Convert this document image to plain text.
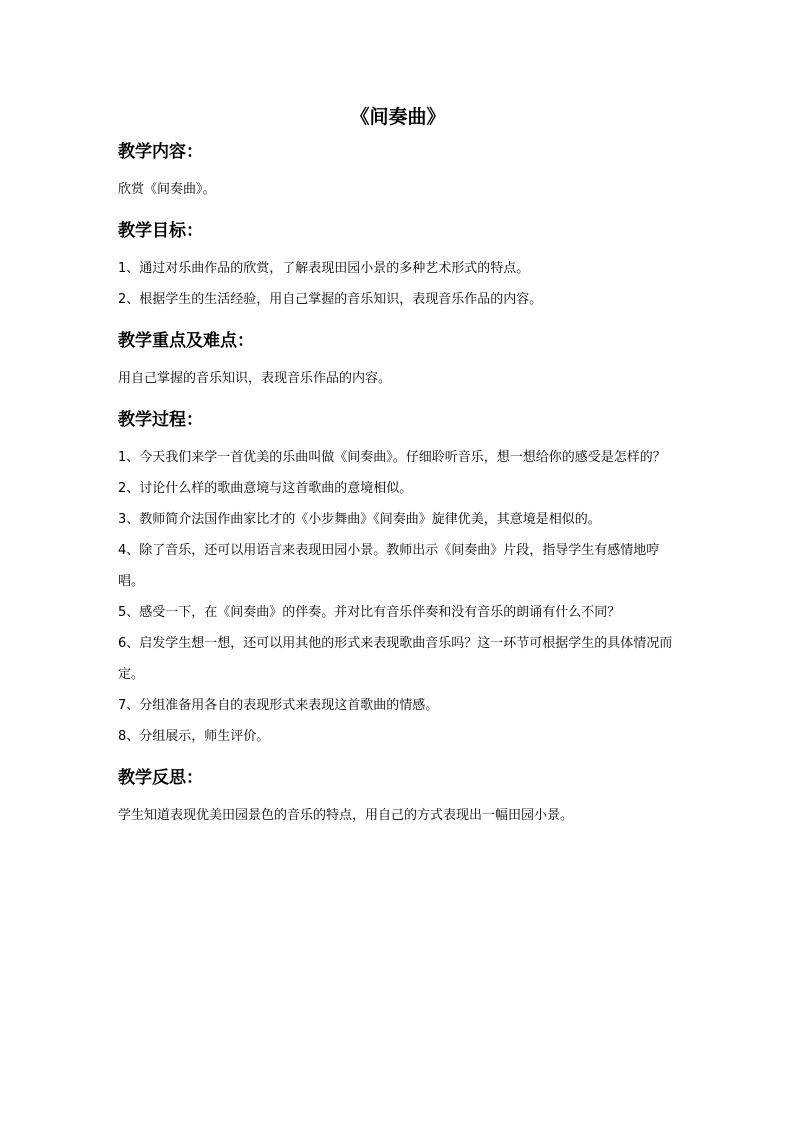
《间奏曲》
教学内容：

欣赏《间奏曲》。

教学目标：

1、通过对乐曲作品的欣赏，了解表现田园小景的多种艺术形式的特点。

2、根据学生的生活经验，用自己掌握的音乐知识，表现音乐作品的内容。

教学重点及难点：

用自己掌握的音乐知识，表现音乐作品的内容。

教学过程：

1、今天我们来学一首优美的乐曲叫做《间奏曲》。仔细聆听音乐，想一想给你的感受是怎样的？

2、讨论什么样的歌曲意境与这首歌曲的意境相似。

3、教师简介法国作曲家比才的《小步舞曲》《间奏曲》旋律优美，其意境是相似的。

4、除了音乐，还可以用语言来表现田园小景。教师出示《间奏曲》片段，指导学生有感情地哼唱。

5、感受一下，在《间奏曲》的伴奏。并对比有音乐伴奏和没有音乐的朗诵有什么不同？

6、启发学生想一想，还可以用其他的形式来表现歌曲音乐吗？这一环节可根据学生的具体情况而定。

7、分组准备用各自的表现形式来表现这首歌曲的情感。

8、分组展示，师生评价。

教学反思：

学生知道表现优美田园景色的音乐的特点，用自己的方式表现出一幅田园小景。
